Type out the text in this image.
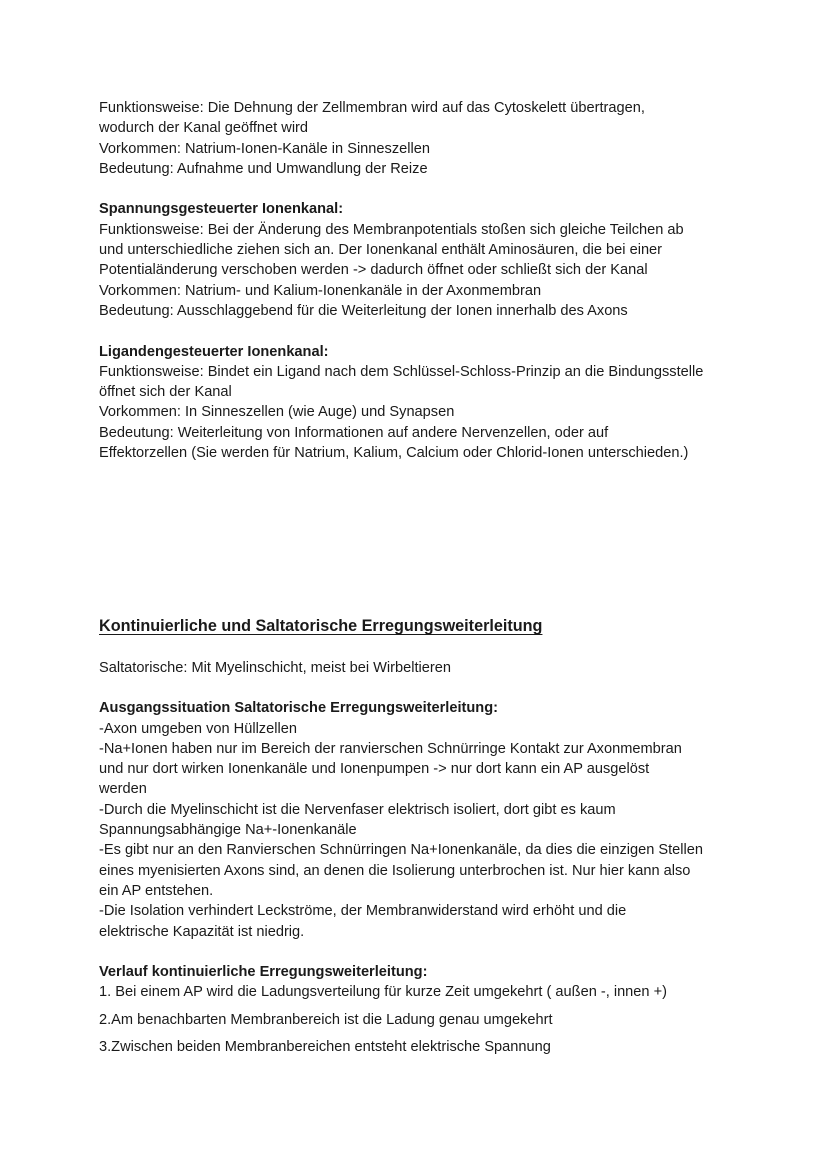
Funktionsweise: Die Dehnung der Zellmembran wird auf das Cytoskelett übertragen,
wodurch der Kanal geöffnet wird
Vorkommen: Natrium-Ionen-Kanäle in Sinneszellen
Bedeutung: Aufnahme und Umwandlung der Reize
Spannungsgesteuerter Ionenkanal:
Funktionsweise: Bei der Änderung des Membranpotentials stoßen sich gleiche Teilchen ab
und unterschiedliche ziehen sich an. Der Ionenkanal enthält Aminosäuren, die bei einer
Potentialänderung verschoben werden -> dadurch öffnet oder schließt sich der Kanal
Vorkommen: Natrium- und Kalium-Ionenkanäle in der Axonmembran
Bedeutung: Ausschlaggebend für die Weiterleitung der Ionen innerhalb des Axons
Ligandengesteuerter Ionenkanal:
Funktionsweise: Bindet ein Ligand nach dem Schlüssel-Schloss-Prinzip an die Bindungsstelle
öffnet sich der Kanal
Vorkommen: In Sinneszellen (wie Auge) und Synapsen
Bedeutung: Weiterleitung von Informationen auf andere Nervenzellen, oder auf
Effektorzellen (Sie werden für Natrium, Kalium, Calcium oder Chlorid-Ionen unterschieden.)
Kontinuierliche und Saltatorische Erregungsweiterleitung
Saltatorische: Mit Myelinschicht, meist bei Wirbeltieren
Ausgangssituation Saltatorische Erregungsweiterleitung:
-Axon umgeben von Hüllzellen
-Na+Ionen haben nur im Bereich der ranvierschen Schnürringe Kontakt zur Axonmembran
und nur dort wirken Ionenkanäle und Ionenpumpen -> nur dort kann ein AP ausgelöst
werden
-Durch die Myelinschicht ist die Nervenfaser elektrisch isoliert, dort gibt es kaum
Spannungsabhängige Na+-Ionenkanäle
-Es gibt nur an den Ranvierschen Schnürringen Na+Ionenkanäle, da dies die einzigen Stellen
eines myenisierten Axons sind, an denen die Isolierung unterbrochen ist. Nur hier kann also
ein AP entstehen.
-Die Isolation verhindert Leckströme, der Membranwiderstand wird erhöht und die
elektrische Kapazität ist niedrig.
Verlauf kontinuierliche Erregungsweiterleitung:
1. Bei einem AP wird die Ladungsverteilung für kurze Zeit umgekehrt ( außen -, innen +)
2.Am benachbarten Membranbereich ist die Ladung genau umgekehrt
3.Zwischen beiden Membranbereichen entsteht elektrische Spannung
